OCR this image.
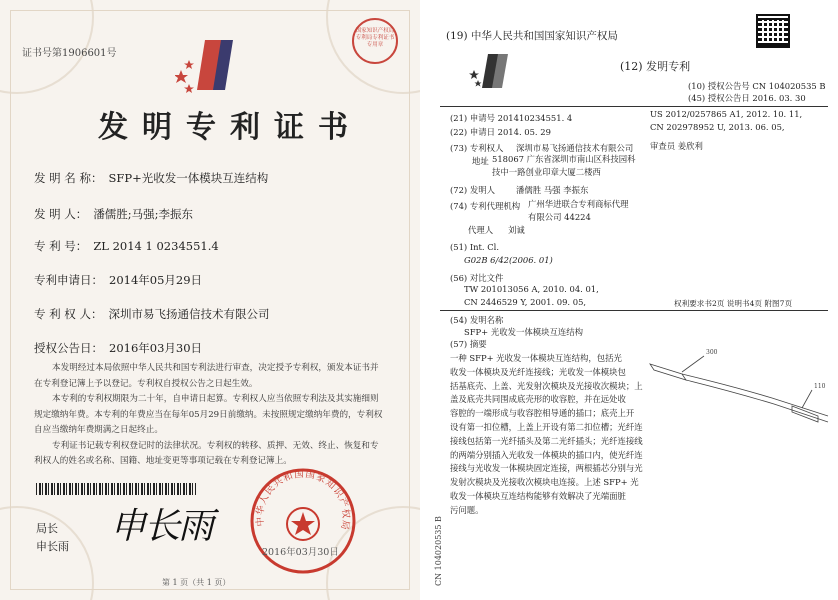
证书号第1906601号
国家知识产权局专利局专利证书专用章
发明专利证书
发 明 名 称： SFP+光收发一体模块互连结构
发 明 人： 潘儒胜;马强;李振东
专 利 号： ZL 2014 1 0234551.4
专利申请日： 2014年05月29日
专 利 权 人： 深圳市易飞扬通信技术有限公司
授权公告日： 2016年03月30日

本发明经过本局依照中华人民共和国专利法进行审查，决定授予专利权，颁发本证书并在专利登记簿上予以登记。专利权自授权公告之日起生效。

本专利的专利权期限为二十年，自申请日起算。专利权人应当依照专利法及其实施细则规定缴纳年费。本专利的年费应当在每年05月29日前缴纳。未按照规定缴纳年费的，专利权自应当缴纳年费期满之日起终止。

专利证书记载专利权登记时的法律状况。专利权的转移、质押、无效、终止、恢复和专利权人的姓名或名称、国籍、地址变更等事项记载在专利登记簿上。

局长
申长雨 申长雨	中华人民共和国国家知识产权局
2016年03月30日
第 1 页（共 1 页）
(19) 中华人民共和国国家知识产权局
(12) 发明专利
(10) 授权公告号 CN 104020535 B
(45) 授权公告日 2016. 03. 30
(21) 申请号 201410234551. 4
(22) 申请日 2014. 05. 29
US 2012/0257865 A1, 2012. 10. 11,
CN 202978952 U, 2013. 06. 05,
审查员 姜欣利
(73) 专利权人 深圳市易飞扬通信技术有限公司
地址 518067 广东省深圳市南山区科技园科
技中一路创业印章大厦二楼西
(72) 发明人	潘儒胜 马强 李振东
(74) 专利代理机构 广州华进联合专利商标代理
有限公司 44224
代理人 刘诚
(51) Int. Cl.
G02B 6/42(2006. 01)
(56) 对比文件
TW 201013056 A, 2010. 04. 01,
CN 2446529 Y, 2001. 09. 05,	权利要求书2页 说明书4页 附图7页
(54) 发明名称
SFP+ 光收发一体模块互连结构
(57) 摘要
一种 SFP+ 光收发一体模块互连结构，包括光
收发一体模块及光纤连接线；光收发一体模块包
括基底壳、上盖、光发射次模块及光接收次模块；上
盖及底壳共同围成底壳形的收容腔，并在远处收
容腔的一端形成与收容腔相导通的插口；底壳上开
设有第一扣位槽，上盖上开设有第二扣位槽；光纤连
接线包括第一光纤插头及第二光纤插头；光纤连接线
的两端分别插入光收发一体模块的插口内，使光纤连
接线与光收发一体模块固定连接，两根插芯分别与光
发射次模块及光接收次模块电连接。上述 SFP+ 光
收发一体模块互连结构能够有效解决了光端面脏
污问题。
300
110
CN 104020535 B
